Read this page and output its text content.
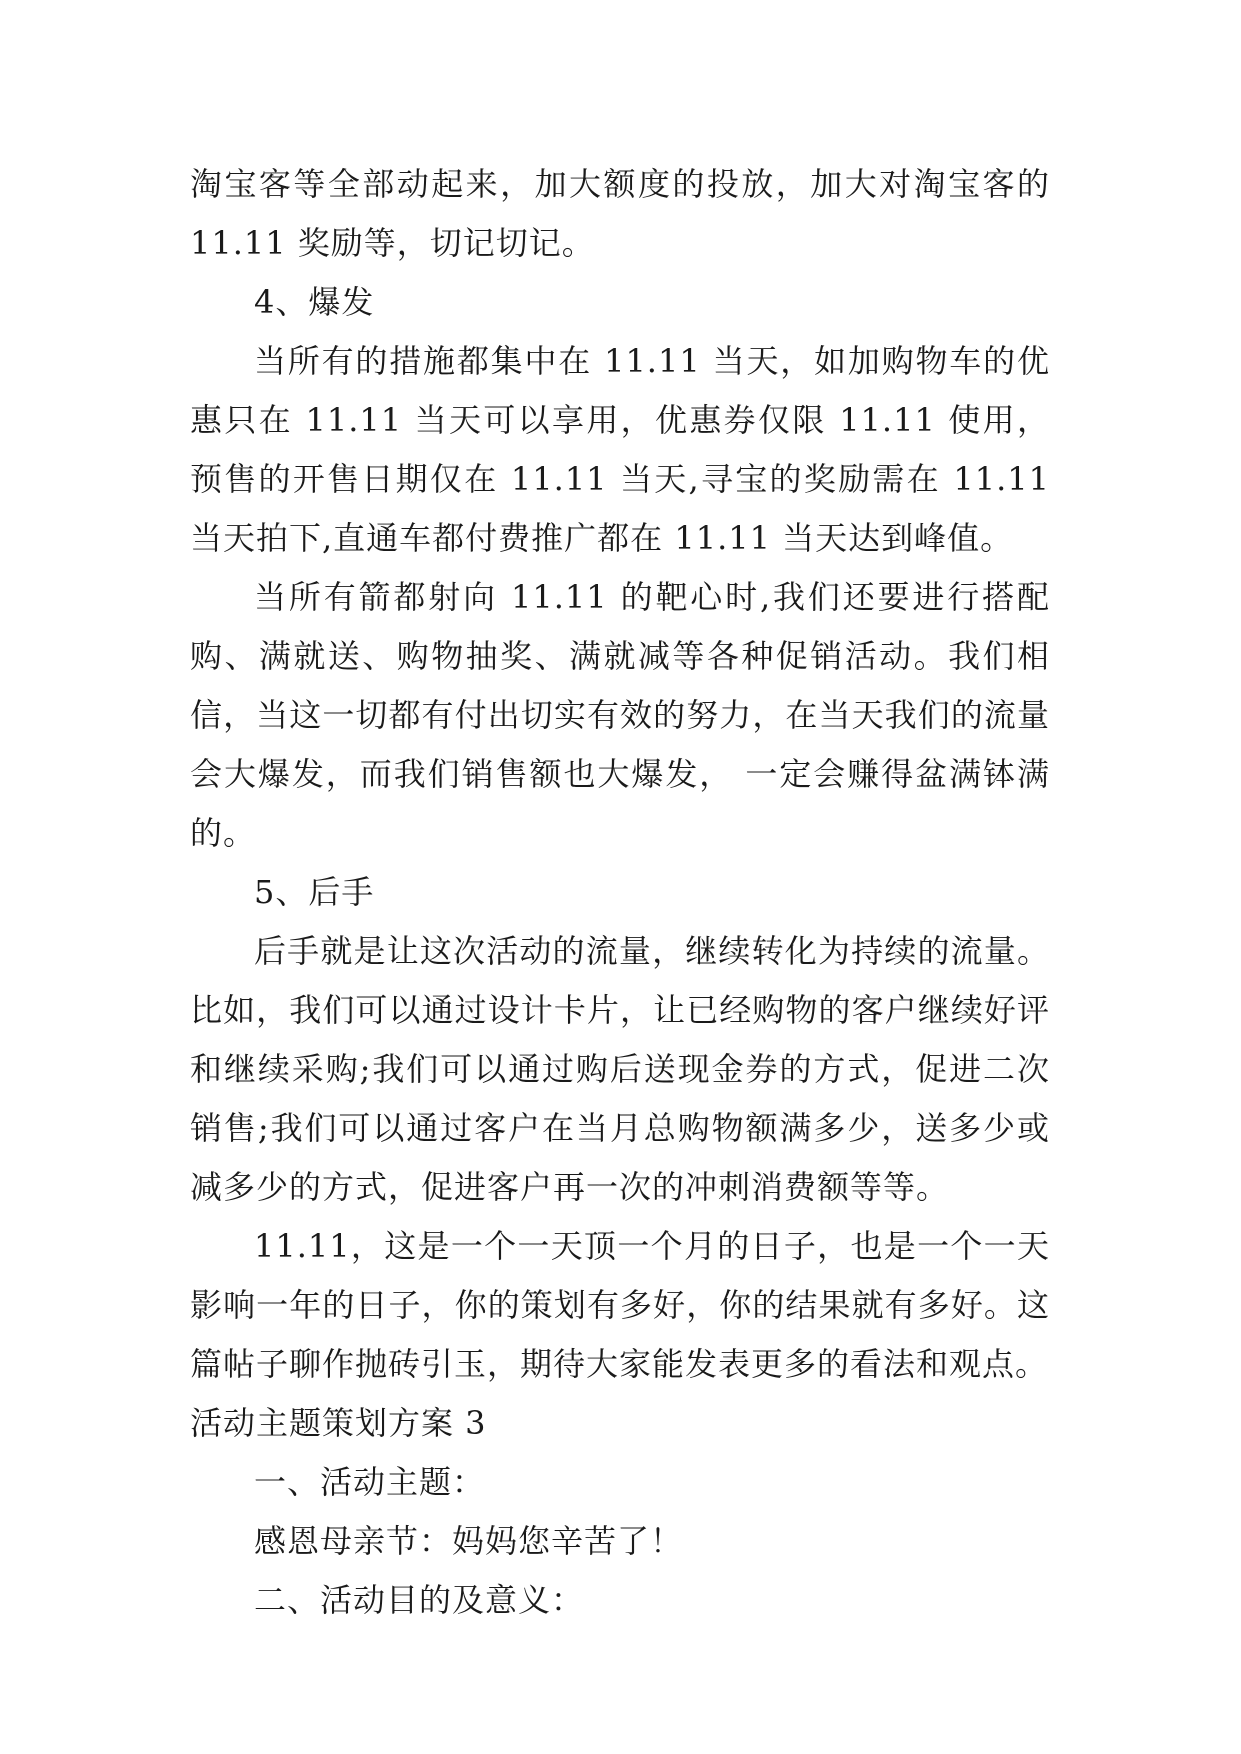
淘宝客等全部动起来，加大额度的投放，加大对淘宝客的11.11 奖励等，切记切记。

4、爆发

当所有的措施都集中在 11.11 当天，如加购物车的优惠只在 11.11 当天可以享用，优惠券仅限 11.11 使用，预售的开售日期仅在 11.11 当天,寻宝的奖励需在 11.11 当天拍下,直通车都付费推广都在 11.11 当天达到峰值。

当所有箭都射向 11.11 的靶心时,我们还要进行搭配购、满就送、购物抽奖、满就减等各种促销活动。我们相信，当这一切都有付出切实有效的努力，在当天我们的流量会大爆发，而我们销售额也大爆发， 一定会赚得盆满钵满的。

5、后手

后手就是让这次活动的流量，继续转化为持续的流量。比如，我们可以通过设计卡片，让已经购物的客户继续好评和继续采购;我们可以通过购后送现金券的方式，促进二次销售;我们可以通过客户在当月总购物额满多少，送多少或减多少的方式，促进客户再一次的冲刺消费额等等。

11.11，这是一个一天顶一个月的日子，也是一个一天影响一年的日子，你的策划有多好，你的结果就有多好。这篇帖子聊作抛砖引玉，期待大家能发表更多的看法和观点。

活动主题策划方案 3

一、活动主题：

感恩母亲节：妈妈您辛苦了！

二、活动目的及意义：
